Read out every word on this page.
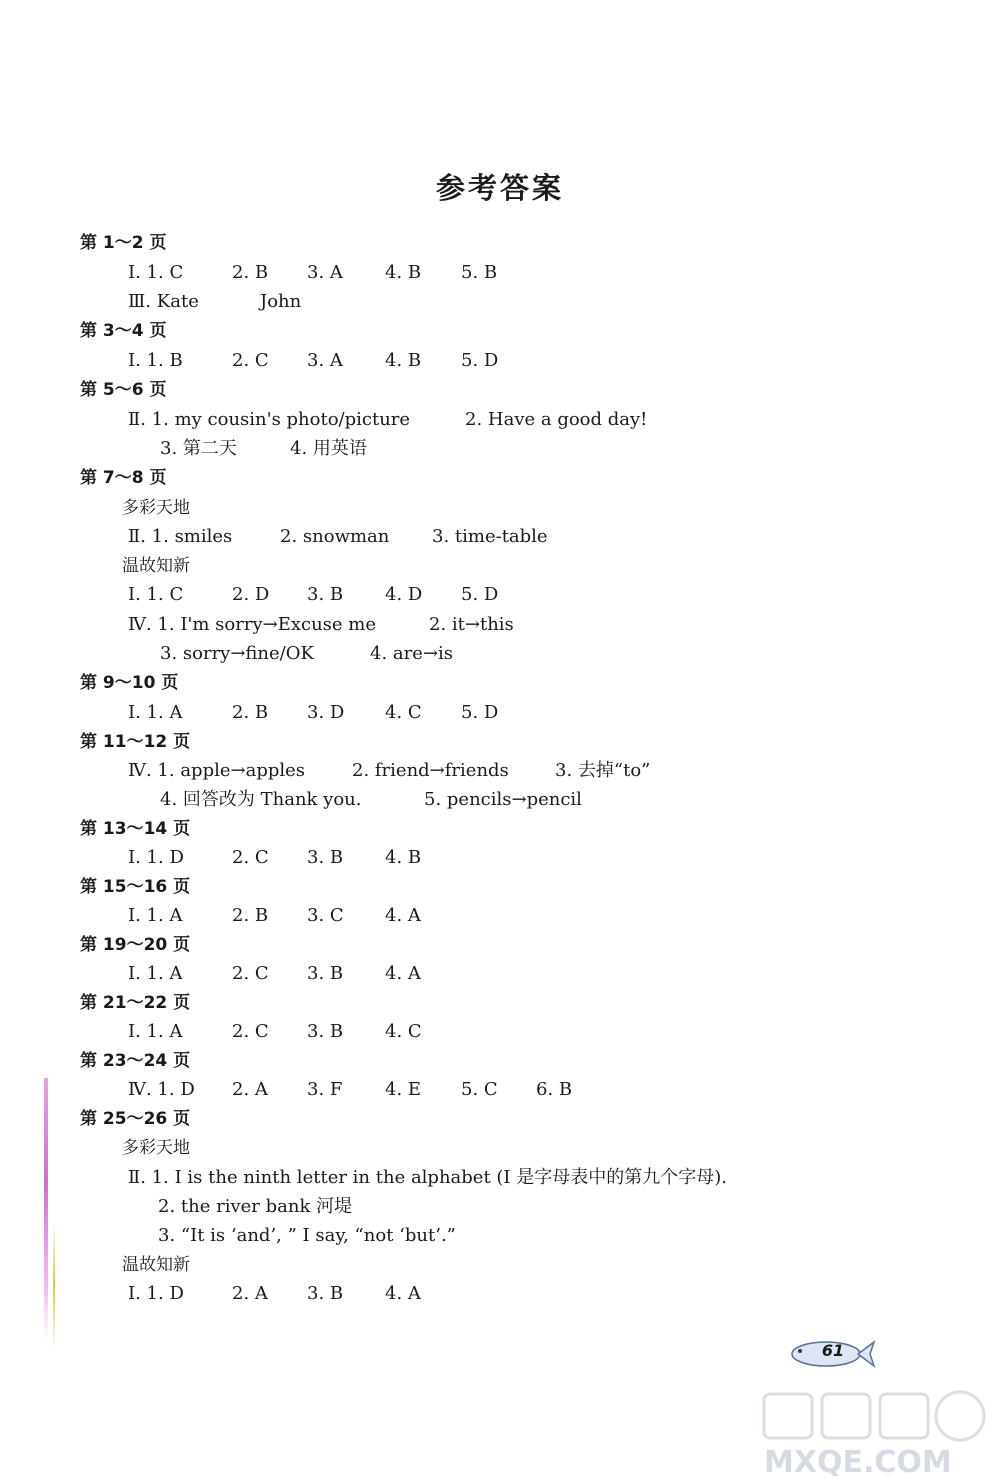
参考答案
第 1～2 页
Ⅰ. 1. C	2. B 3. A 4. B 5. B
Ⅲ. Kate	John
第 3～4 页
Ⅰ. 1. B	2. C 3. A 4. B 5. D
第 5～6 页
Ⅱ. 1. my cousin's photo/picture	2. Have a good day!
3. 第二天	4. 用英语
第 7～8 页
多彩天地
Ⅱ. 1. smiles	2. snowman 3. time-table
温故知新
Ⅰ. 1. C	2. D 3. B 4. D 5. D
Ⅳ. 1. I'm sorry→Excuse me	2. it→this
3. sorry→fine/OK	4. are→is
第 9～10 页
Ⅰ. 1. A	2. B 3. D 4. C 5. D
第 11～12 页
Ⅳ. 1. apple→apples	2. friend→friends	3. 去掉“to”
4. 回答改为 Thank you.	5. pencils→pencil
第 13～14 页
Ⅰ. 1. D	2. C 3. B 4. B
第 15～16 页
Ⅰ. 1. A	2. B 3. C 4. A
第 19～20 页
Ⅰ. 1. A	2. C 3. B 4. A
第 21～22 页
Ⅰ. 1. A	2. C 3. B 4. C
第 23～24 页
Ⅳ. 1. D 2. A 3. F 4. E 5. C 6. B
第 25～26 页
多彩天地
Ⅱ. 1. I is the ninth letter in the alphabet (I 是字母表中的第九个字母).
2. the river bank 河堤
3. “It is ‘and’, ” I say, “not ‘but’.”
温故知新
Ⅰ. 1. D	2. A 3. B 4. A
61
MXQE.COM
